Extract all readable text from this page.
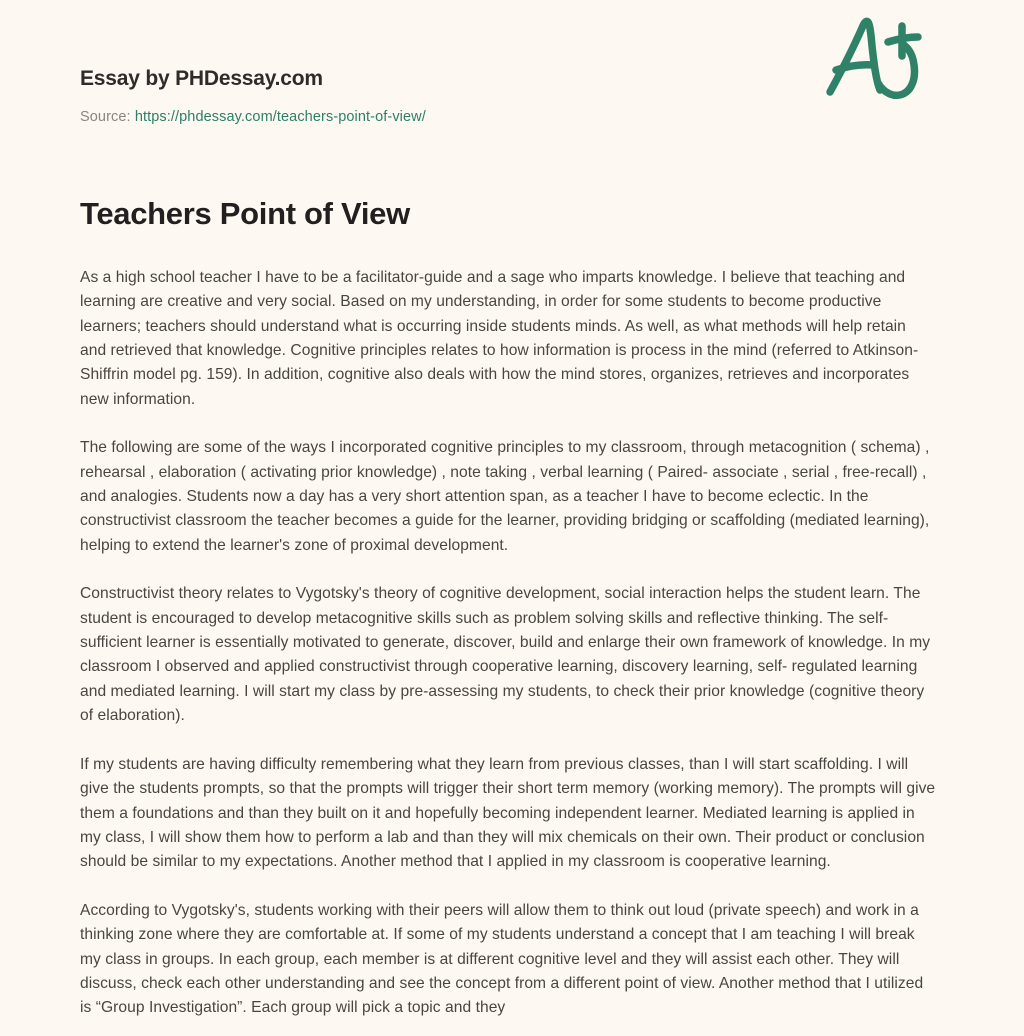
Essay by PHDessay.com
Source: https://phdessay.com/teachers-point-of-view/
Teachers Point of View

As a high school teacher I have to be a facilitator-guide and a sage who imparts knowledge. I believe that teaching and learning are creative and very social. Based on my understanding, in order for some students to become productive learners; teachers should understand what is occurring inside students minds. As well, as what methods will help retain and retrieved that knowledge. Cognitive principles relates to how information is process in the mind (referred to Atkinson-Shiffrin model pg. 159). In addition, cognitive also deals with how the mind stores, organizes, retrieves and incorporates new information.

The following are some of the ways I incorporated cognitive principles to my classroom, through metacognition ( schema) , rehearsal , elaboration ( activating prior knowledge) , note taking , verbal learning ( Paired- associate , serial , free-recall) , and analogies. Students now a day has a very short attention span, as a teacher I have to become eclectic. In the constructivist classroom the teacher becomes a guide for the learner, providing bridging or scaffolding (mediated learning), helping to extend the learner's zone of proximal development.

Constructivist theory relates to Vygotsky's theory of cognitive development, social interaction helps the student learn. The student is encouraged to develop metacognitive skills such as problem solving skills and reflective thinking. The self-sufficient learner is essentially motivated to generate, discover, build and enlarge their own framework of knowledge. In my classroom I observed and applied constructivist through cooperative learning, discovery learning, self- regulated learning and mediated learning. I will start my class by pre-assessing my students, to check their prior knowledge (cognitive theory of elaboration).

If my students are having difficulty remembering what they learn from previous classes, than I will start scaffolding. I will give the students prompts, so that the prompts will trigger their short term memory (working memory). The prompts will give them a foundations and than they built on it and hopefully becoming independent learner. Mediated learning is applied in my class, I will show them how to perform a lab and than they will mix chemicals on their own. Their product or conclusion should be similar to my expectations. Another method that I applied in my classroom is cooperative learning.

According to Vygotsky's, students working with their peers will allow them to think out loud (private speech) and work in a thinking zone where they are comfortable at. If some of my students understand a concept that I am teaching I will break my class in groups. In each group, each member is at different cognitive level and they will assist each other. They will discuss, check each other understanding and see the concept from a different point of view. Another method that I utilized is “Group Investigation”. Each group will pick a topic and they
